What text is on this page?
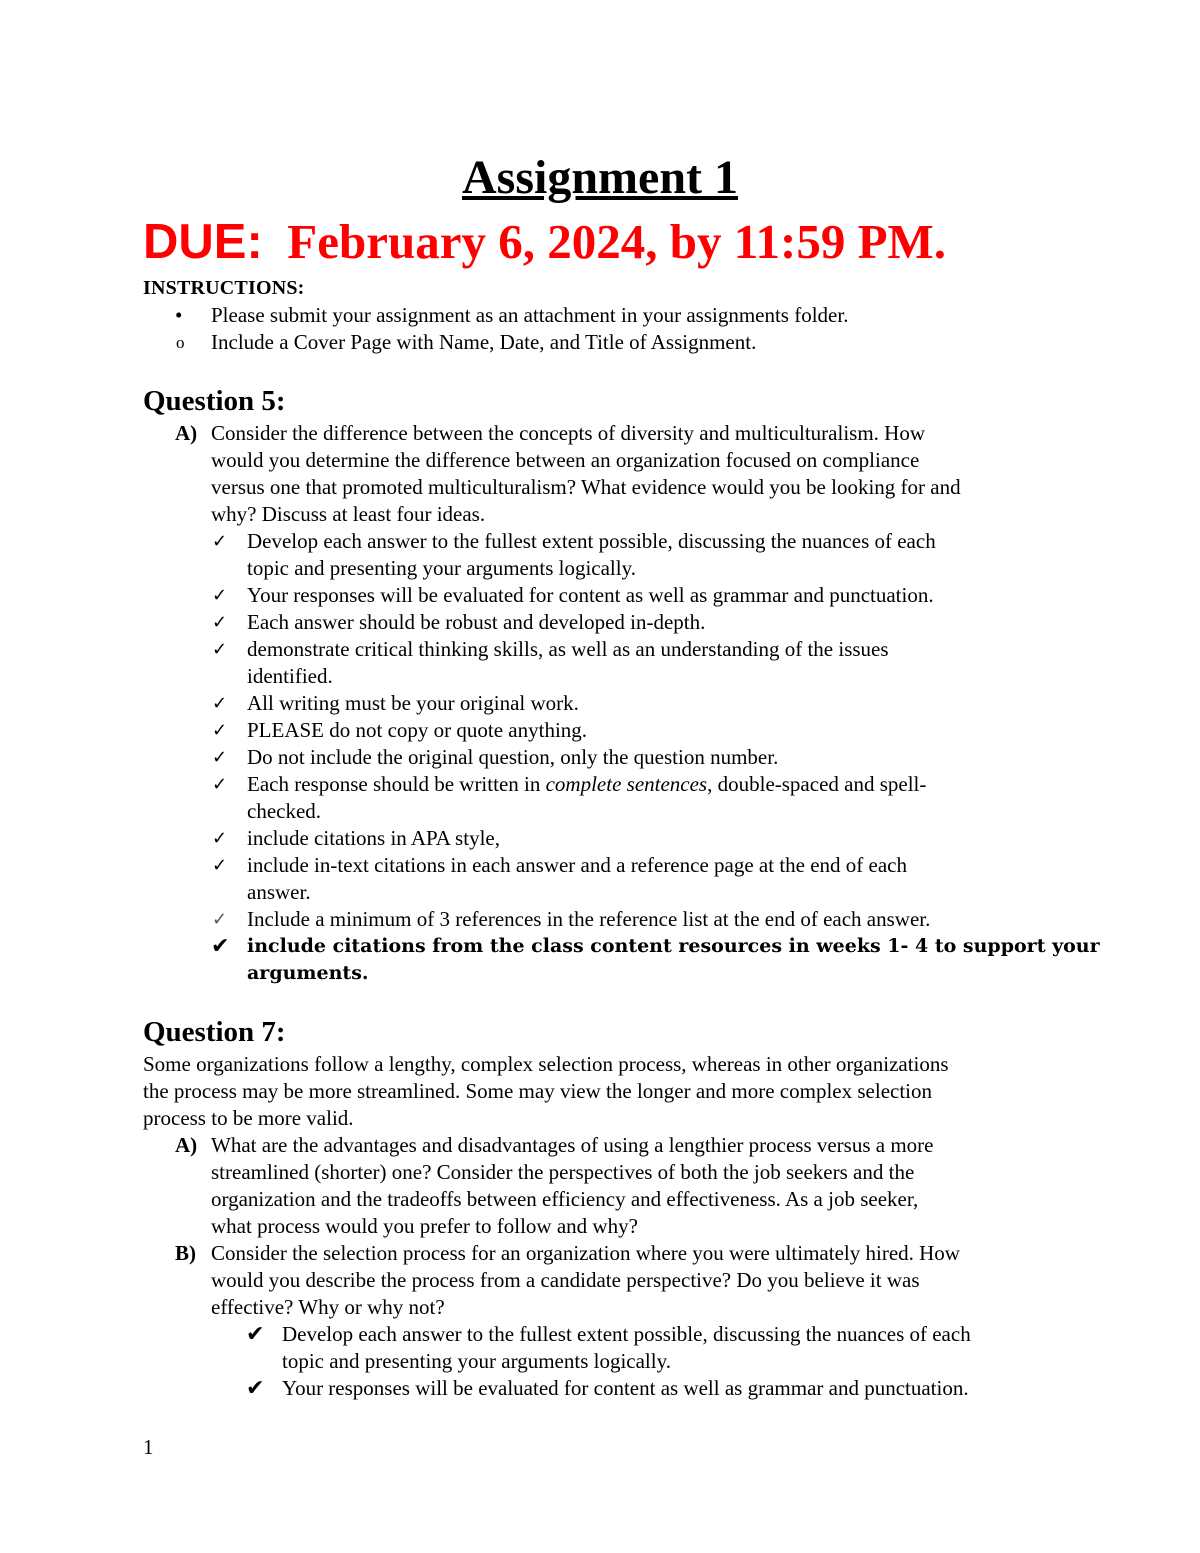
Assignment 1
DUE: February 6, 2024, by 11:59 PM.
INSTRUCTIONS:
• Please submit your assignment as an attachment in your assignments folder.
o Include a Cover Page with Name, Date, and Title of Assignment.
Question 5:
A) Consider the difference between the concepts of diversity and multiculturalism. How
would you determine the difference between an organization focused on compliance
versus one that promoted multiculturalism? What evidence would you be looking for and
why? Discuss at least four ideas.
✓ Develop each answer to the fullest extent possible, discussing the nuances of each
topic and presenting your arguments logically.
✓ Your responses will be evaluated for content as well as grammar and punctuation.
✓ Each answer should be robust and developed in-depth.
✓ demonstrate critical thinking skills, as well as an understanding of the issues
identified.
✓ All writing must be your original work.
✓ PLEASE do not copy or quote anything.
✓ Do not include the original question, only the question number.
✓ Each response should be written in complete sentences, double-spaced and spell-
checked.
✓ include citations in APA style,
✓ include in-text citations in each answer and a reference page at the end of each
answer.
✓ Include a minimum of 3 references in the reference list at the end of each answer.
✔ include citations from the class content resources in weeks 1- 4 to support your
arguments.
Question 7:
Some organizations follow a lengthy, complex selection process, whereas in other organizations
the process may be more streamlined. Some may view the longer and more complex selection
process to be more valid.
A) What are the advantages and disadvantages of using a lengthier process versus a more
streamlined (shorter) one? Consider the perspectives of both the job seekers and the
organization and the tradeoffs between efficiency and effectiveness. As a job seeker,
what process would you prefer to follow and why?
B) Consider the selection process for an organization where you were ultimately hired. How
would you describe the process from a candidate perspective? Do you believe it was
effective? Why or why not?
✔ Develop each answer to the fullest extent possible, discussing the nuances of each
topic and presenting your arguments logically.
✔ Your responses will be evaluated for content as well as grammar and punctuation.
1
